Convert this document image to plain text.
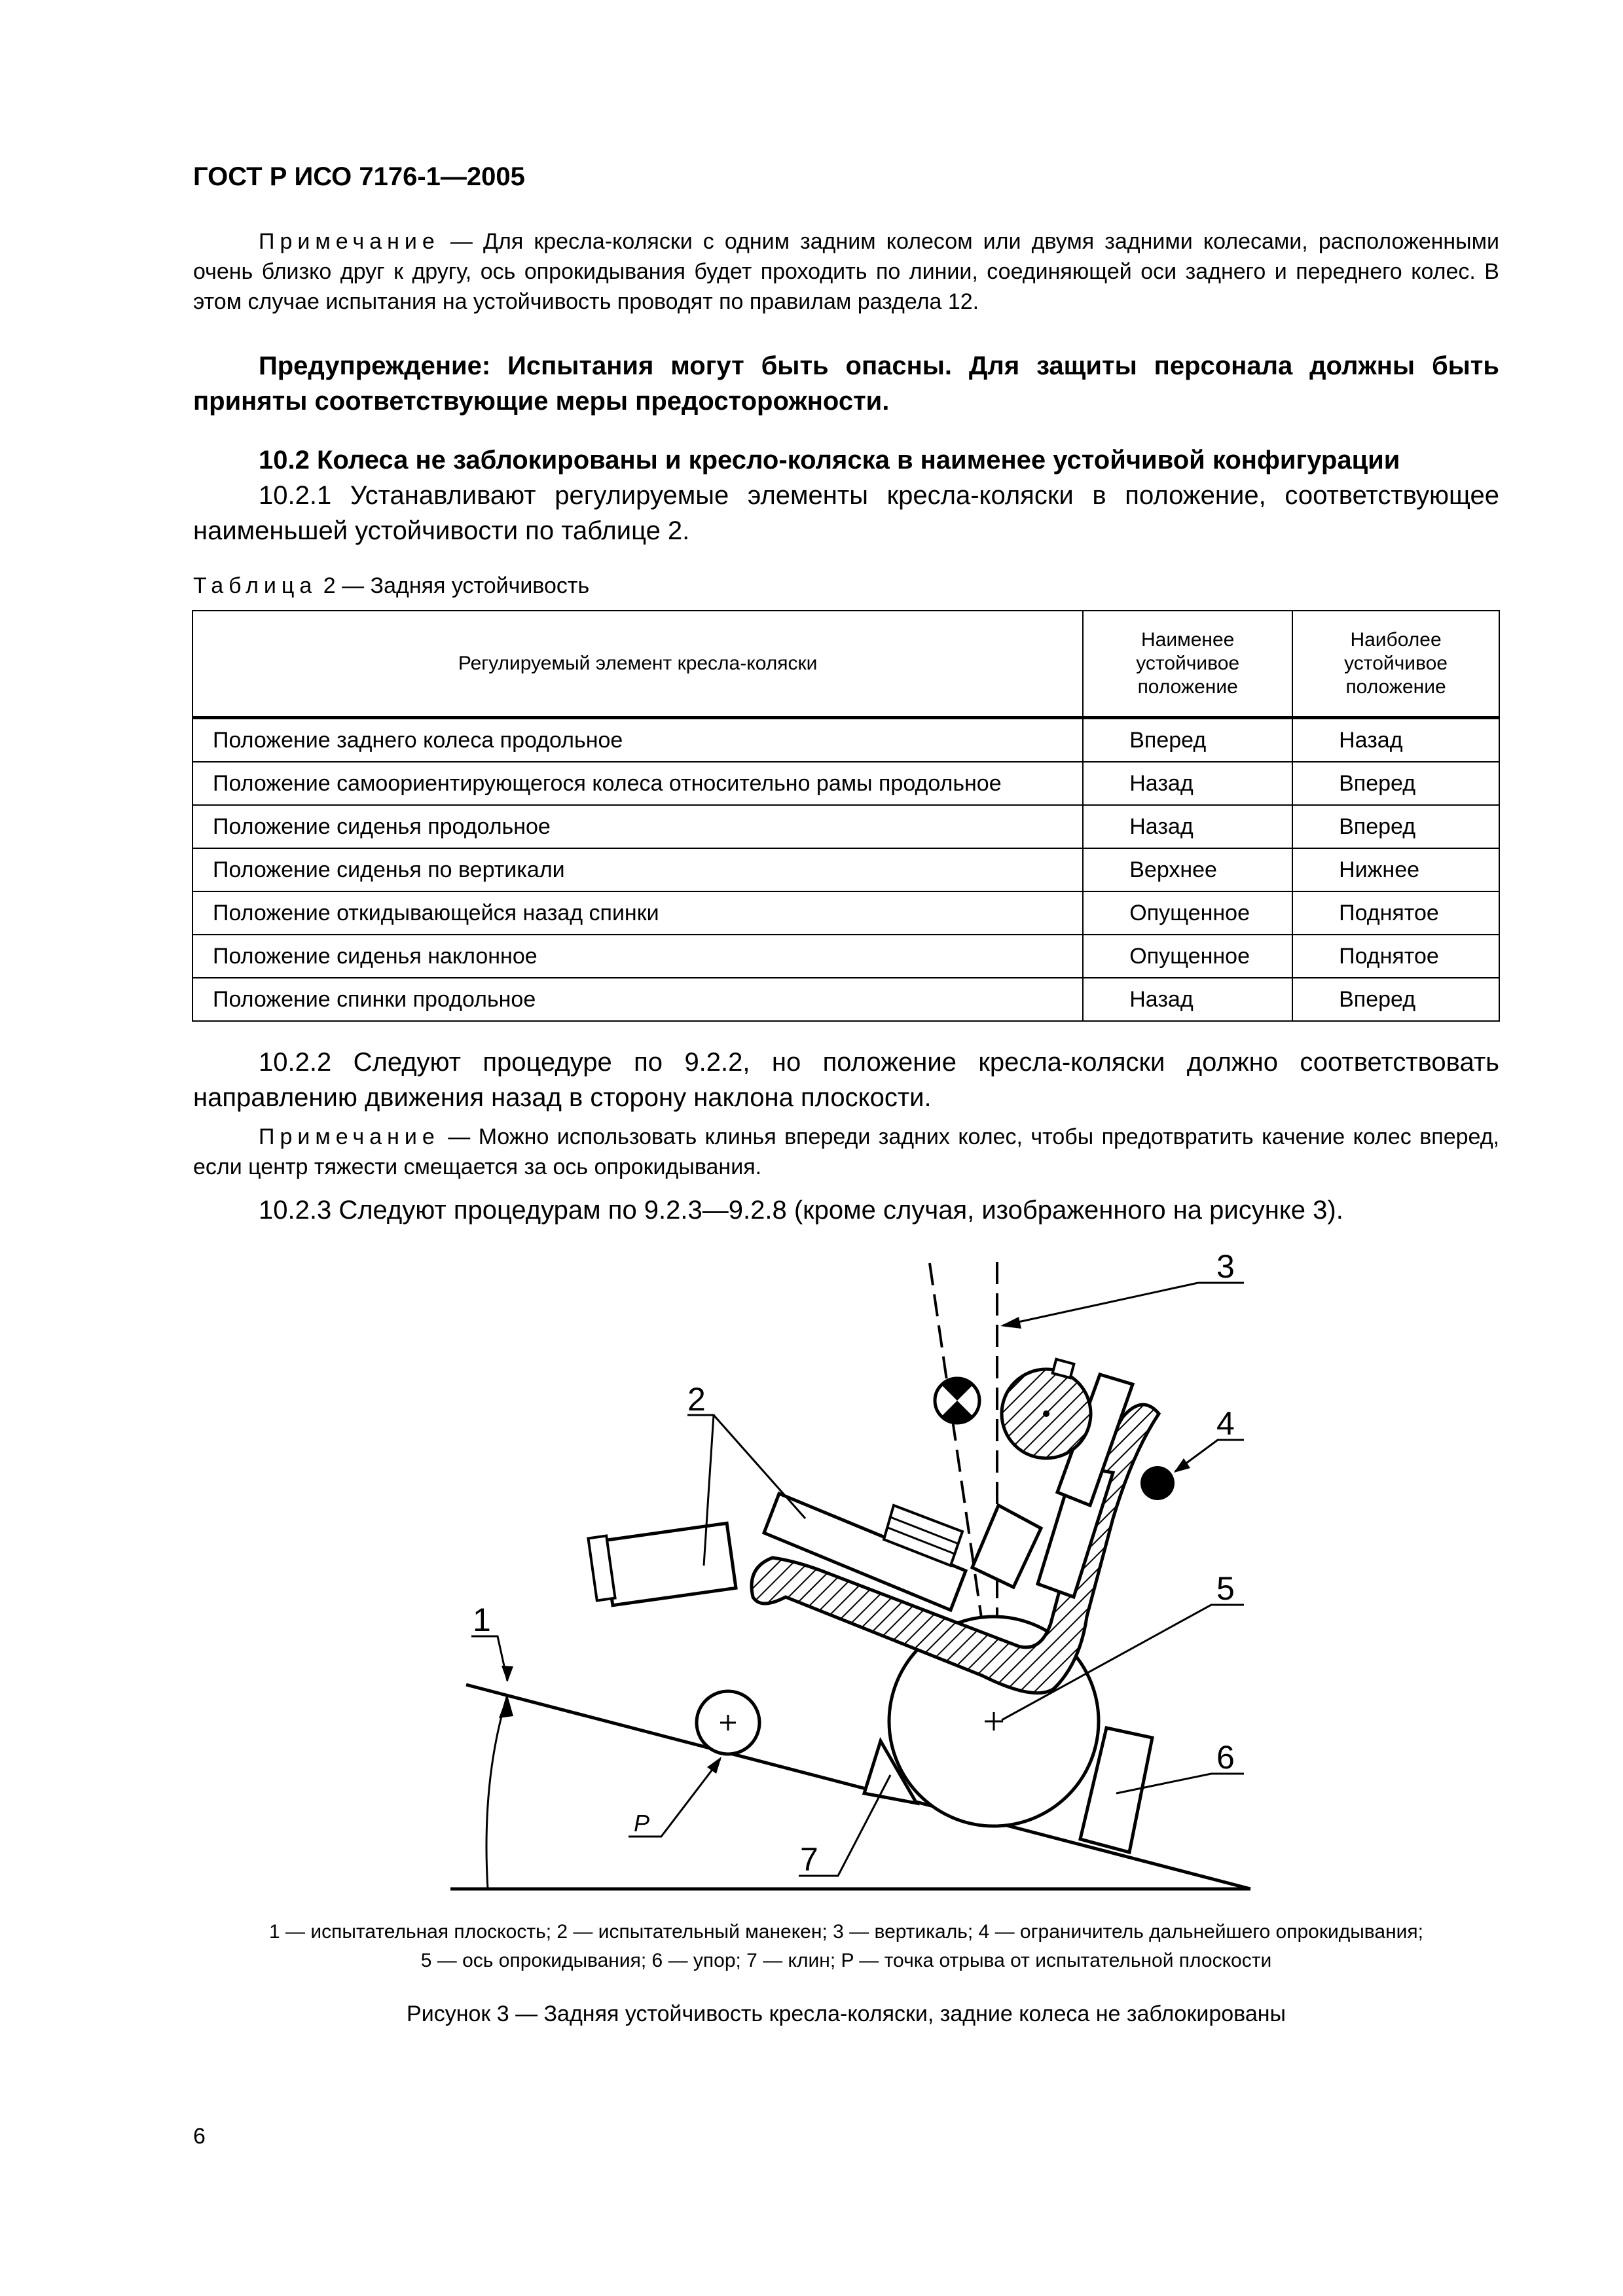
ГОСТ Р ИСО 7176-1—2005
Примечание — Для кресла-коляски с одним задним колесом или двумя задними колесами, расположенными очень близко друг к другу, ось опрокидывания будет проходить по линии, соединяющей оси заднего и переднего колес. В этом случае испытания на устойчивость проводят по правилам раздела 12.
Предупреждение: Испытания могут быть опасны. Для защиты персонала должны быть приняты соответствующие меры предосторожности.
10.2 Колеса не заблокированы и кресло-коляска в наименее устойчивой конфигурации
10.2.1 Устанавливают регулируемые элементы кресла-коляски в положение, соответствующее наименьшей устойчивости по таблице 2.
Таблица 2 — Задняя устойчивость
Регулируемый элемент кресла-коляски	Наименее устойчивое положение	Наиболее устойчивое положение
Положение заднего колеса продольное	Вперед	Назад
Положение самоориентирующегося колеса относительно рамы продольное	Назад	Вперед
Положение сиденья продольное	Назад	Вперед
Положение сиденья по вертикали	Верхнее	Нижнее
Положение откидывающейся назад спинки	Опущенное	Поднятое
Положение сиденья наклонное	Опущенное	Поднятое
Положение спинки продольное	Назад	Вперед
10.2.2 Следуют процедуре по 9.2.2, но положение кресла-коляски должно соответствовать направлению движения назад в сторону наклона плоскости.
Примечание — Можно использовать клинья впереди задних колес, чтобы предотвратить качение колес вперед, если центр тяжести смещается за ось опрокидывания.
10.2.3 Следуют процедурам по 9.2.3—9.2.8 (кроме случая, изображенного на рисунке 3).
1
2
3
4
5
6
7
P
1 — испытательная плоскость; 2 — испытательный манекен; 3 — вертикаль; 4 — ограничитель дальнейшего опрокидывания;
5 — ось опрокидывания; 6 — упор; 7 — клин; P — точка отрыва от испытательной плоскости
Рисунок 3 — Задняя устойчивость кресла-коляски, задние колеса не заблокированы
6
